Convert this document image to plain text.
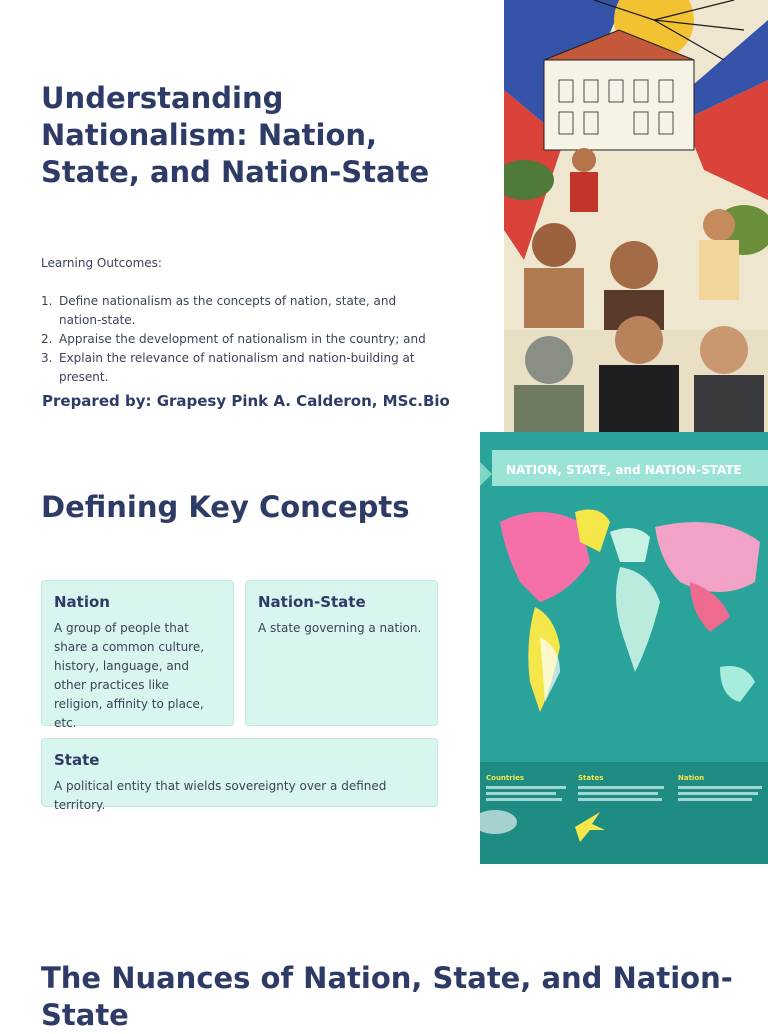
Understanding Nationalism: Nation, State, and Nation-State

Learning Outcomes:

1. Define nationalism as the concepts of nation, state, and nation-state.
2. Appraise the development of nationalism in the country; and
3. Explain the relevance of nationalism and nation-building at present.

Prepared by: Grapesy Pink A. Calderon, MSc.Bio

Defining Key Concepts
Nation

A group of people that share a common culture, history, language, and other practices like religion, affinity to place, etc.

Nation-State

A state governing a nation.

State

A political entity that wields sovereignty over a defined territory.

NATION, STATE, and NATION-STATE
Countries	States	Nation
The Nuances of Nation, State, and Nation-State
